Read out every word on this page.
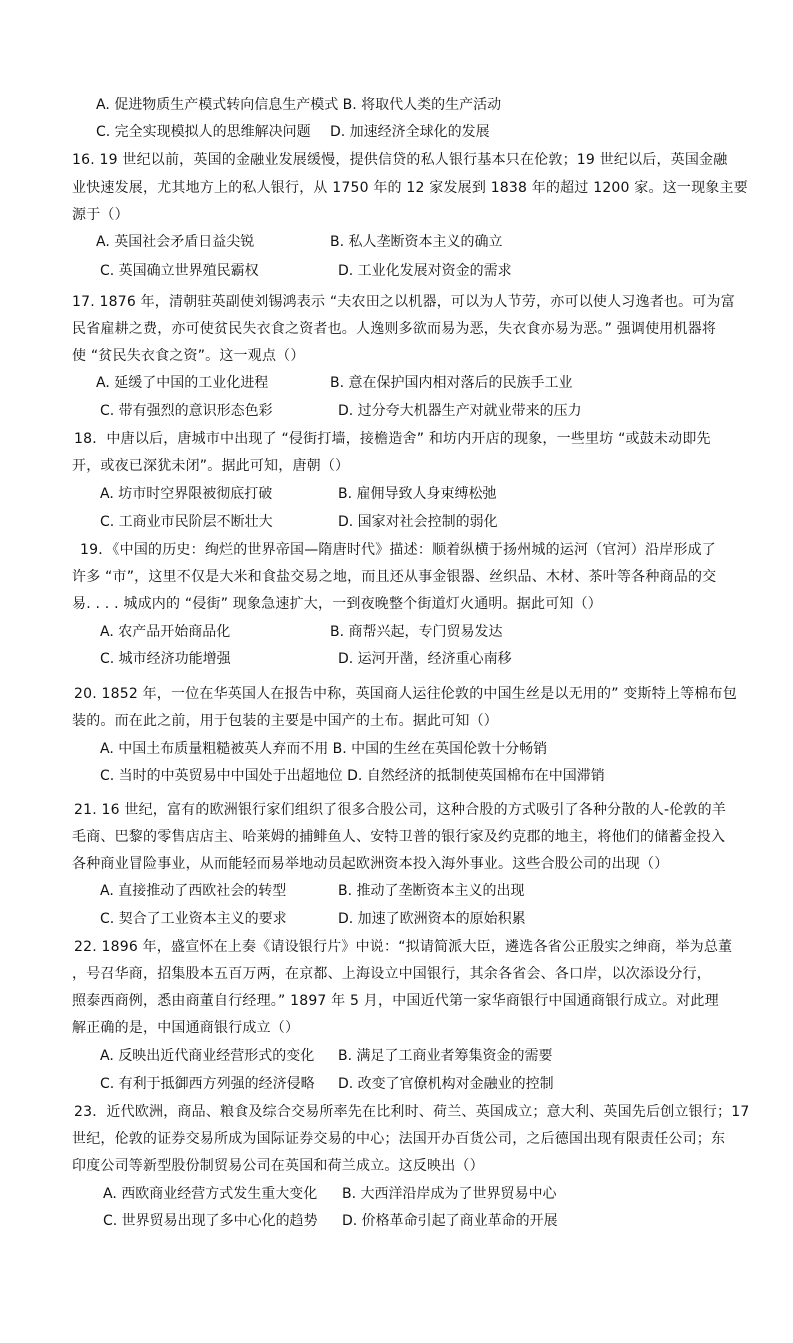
A. 促进物质生产模式转向信息生产模式 B. 将取代人类的生产活动
C. 完全实现模拟人的思维解决问题 D. 加速经济全球化的发展
16. 19 世纪以前，英国的金融业发展缓慢，提供信贷的私人银行基本只在伦敦；19 世纪以后，英国金融
业快速发展，尤其地方上的私人银行，从 1750 年的 12 家发展到 1838 年的超过 1200 家。这一现象主要
源于（）
A. 英国社会矛盾日益尖锐	B. 私人垄断资本主义的确立
C. 英国确立世界殖民霸权	D. 工业化发展对资金的需求
17. 1876 年，清朝驻英副使刘锡鸿表示 “夫农田之以机器，可以为人节劳，亦可以使人习逸者也。可为富
民省雇耕之费，亦可使贫民失衣食之资者也。人逸则多欲而易为恶，失衣食亦易为恶。” 强调使用机器将
使 “贫民失衣食之资”。这一观点（）
A. 延缓了中国的工业化进程	B. 意在保护国内相对落后的民族手工业
C. 带有强烈的意识形态色彩	D. 过分夸大机器生产对就业带来的压力
18．中唐以后，唐城市中出现了 “侵街打墙，接檐造舍” 和坊内开店的现象，一些里坊 “或鼓未动即先
开，或夜已深犹未闭”。据此可知，唐朝（）
A. 坊市时空界限被彻底打破	B. 雇佣导致人身束缚松弛
C. 工商业市民阶层不断壮大	D. 国家对社会控制的弱化
19．《中国的历史：绚烂的世界帝国—隋唐时代》描述：顺着纵横于扬州城的运河（官河）沿岸形成了
许多 “市”，这里不仅是大米和食盐交易之地，而且还从事金银器、丝织品、木材、茶叶等各种商品的交
易. . . . 城成内的 “侵街” 现象急速扩大，一到夜晚整个街道灯火通明。据此可知（）
A. 农产品开始商品化	B. 商帮兴起，专门贸易发达
C. 城市经济功能增强	D. 运河开凿，经济重心南移
20. 1852 年，一位在华英国人在报告中称，英国商人运往伦敦的中国生丝是以无用的” 变斯特上等棉布包
装的。而在此之前，用于包装的主要是中国产的土布。据此可知（）
A. 中国土布质量粗糙被英人弃而不用 B. 中国的生丝在英国伦敦十分畅销
C. 当时的中英贸易中中国处于出超地位 D. 自然经济的抵制使英国棉布在中国滞销
21. 16 世纪，富有的欧洲银行家们组织了很多合股公司，这种合股的方式吸引了各种分散的人-伦敦的羊
毛商、巴黎的零售店店主、哈莱姆的捕鲱鱼人、安特卫普的银行家及约克郡的地主，将他们的储蓄金投入
各种商业冒险事业，从而能轻而易举地动员起欧洲资本投入海外事业。这些合股公司的出现（）
A. 直接推动了西欧社会的转型	B. 推动了垄断资本主义的出现
C. 契合了工业资本主义的要求	D. 加速了欧洲资本的原始积累
22. 1896 年，盛宣怀在上奏《请设银行片》中说：“拟请简派大臣，遴选各省公正殷实之绅商，举为总董
，号召华商，招集股本五百万两，在京都、上海设立中国银行，其余各省会、各口岸，以次添设分行，
照泰西商例，悉由商董自行经理。” 1897 年 5 月，中国近代第一家华商银行中国通商银行成立。对此理
解正确的是，中国通商银行成立（）
A. 反映出近代商业经营形式的变化 B. 满足了工商业者筹集资金的需要
C. 有利于抵御西方列强的经济侵略 D. 改变了官僚机构对金融业的控制
23．近代欧洲，商品、粮食及综合交易所率先在比利时、荷兰、英国成立；意大利、英国先后创立银行；17
世纪，伦敦的证券交易所成为国际证券交易的中心；法国开办百货公司，之后德国出现有限责任公司；东
印度公司等新型股份制贸易公司在英国和荷兰成立。这反映出（）
A. 西欧商业经营方式发生重大变化 B. 大西洋沿岸成为了世界贸易中心
C. 世界贸易出现了多中心化的趋势 D. 价格革命引起了商业革命的开展
